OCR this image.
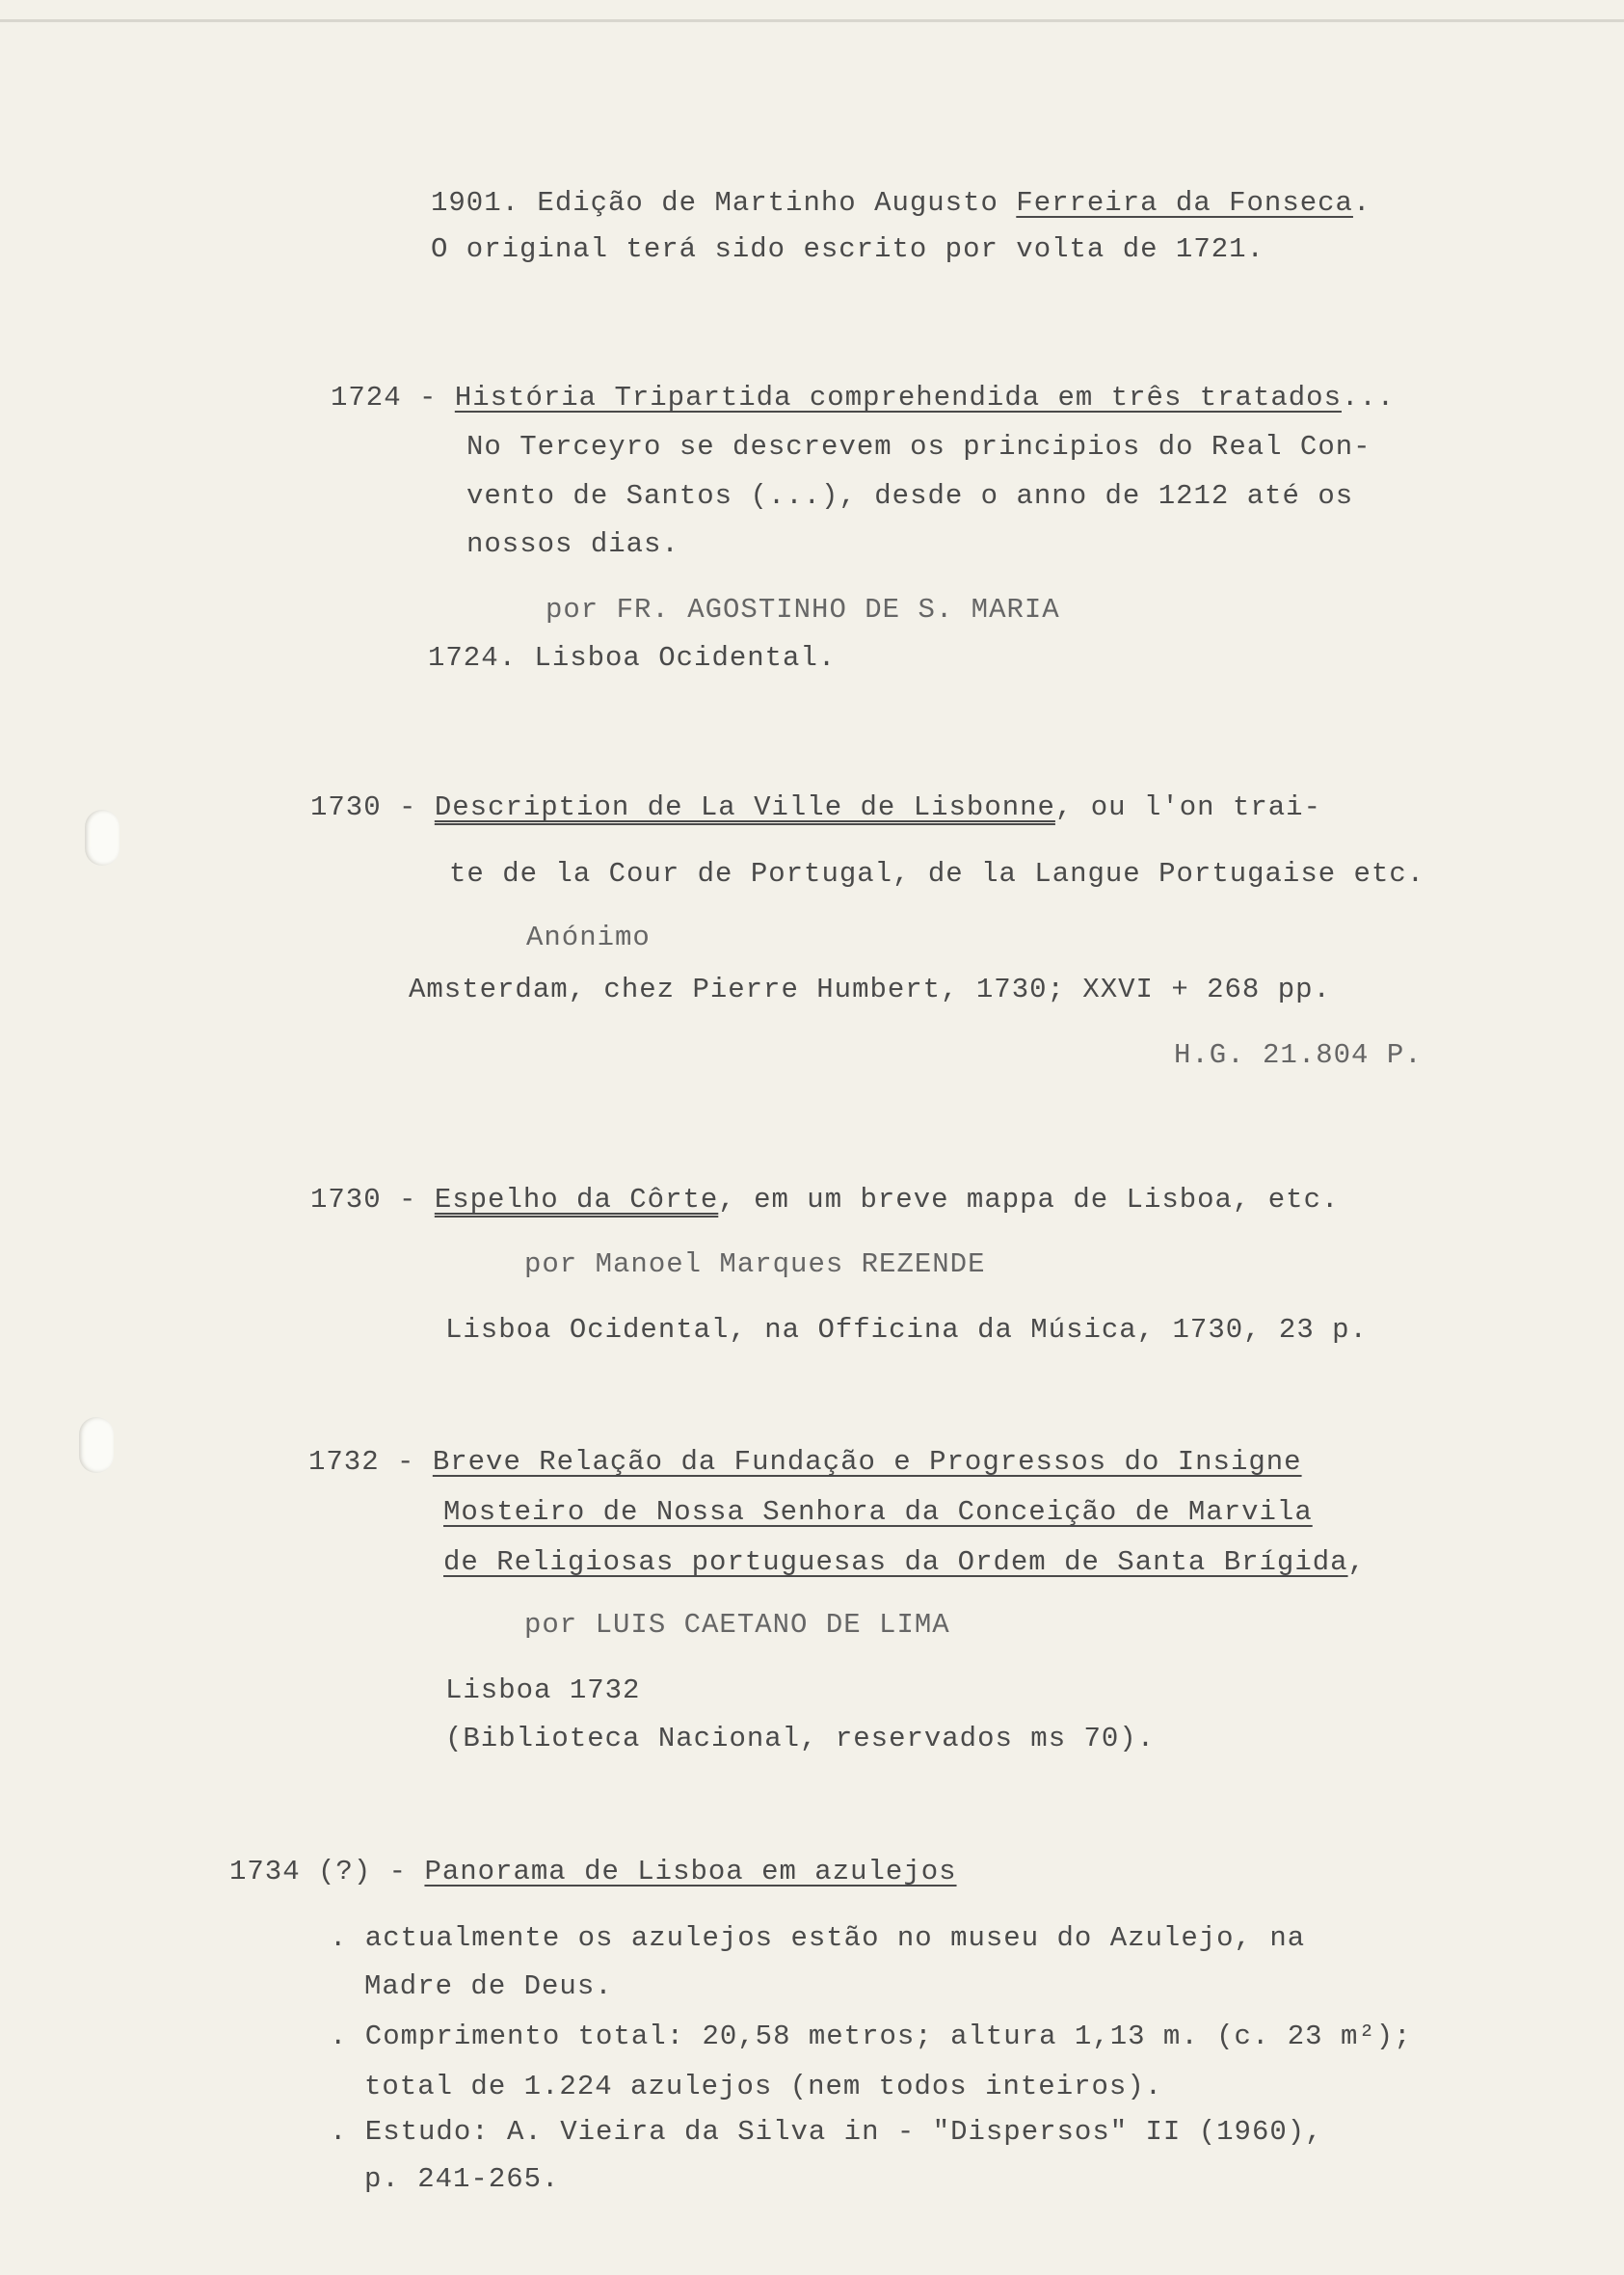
1901. Edição de Martinho Augusto Ferreira da Fonseca.
O original terá sido escrito por volta de 1721.
1724 - História Tripartida comprehendida em três tratados...
No Terceyro se descrevem os principios do Real Con-
vento de Santos (...), desde o anno de 1212 até os
nossos dias.
por FR. AGOSTINHO DE S. MARIA
1724. Lisboa Ocidental.
1730 - Description de La Ville de Lisbonne, ou l'on trai-
te de la Cour de Portugal, de la Langue Portugaise etc.
Anónimo
Amsterdam, chez Pierre Humbert, 1730; XXVI + 268 pp.
H.G. 21.804 P.
1730 - Espelho da Côrte, em um breve mappa de Lisboa, etc.
por Manoel Marques REZENDE
Lisboa Ocidental, na Officina da Música, 1730, 23 p.
1732 - Breve Relação da Fundação e Progressos do Insigne
Mosteiro de Nossa Senhora da Conceição de Marvila
de Religiosas portuguesas da Ordem de Santa Brígida,
por LUIS CAETANO DE LIMA
Lisboa 1732
(Biblioteca Nacional, reservados ms 70).
1734 (?) - Panorama de Lisboa em azulejos
. actualmente os azulejos estão no museu do Azulejo, na
Madre de Deus.
. Comprimento total: 20,58 metros; altura 1,13 m. (c. 23 m²);
total de 1.224 azulejos (nem todos inteiros).
. Estudo: A. Vieira da Silva in - "Dispersos" II (1960),
p. 241-265.
